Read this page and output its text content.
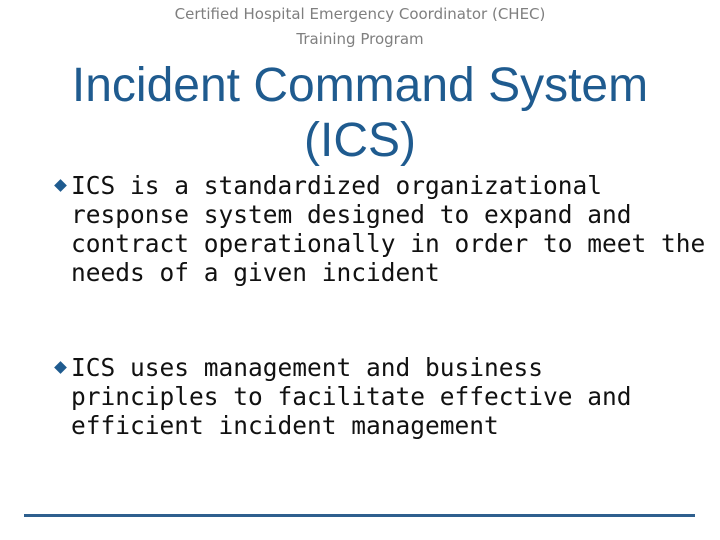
Certified Hospital Emergency Coordinator (CHEC)
Training Program
Incident Command System
(ICS)
ICS is a standardized organizational
response system designed to expand and
contract operationally in order to meet the
needs of a given incident
ICS uses management and business
principles to facilitate effective and
efficient incident management
